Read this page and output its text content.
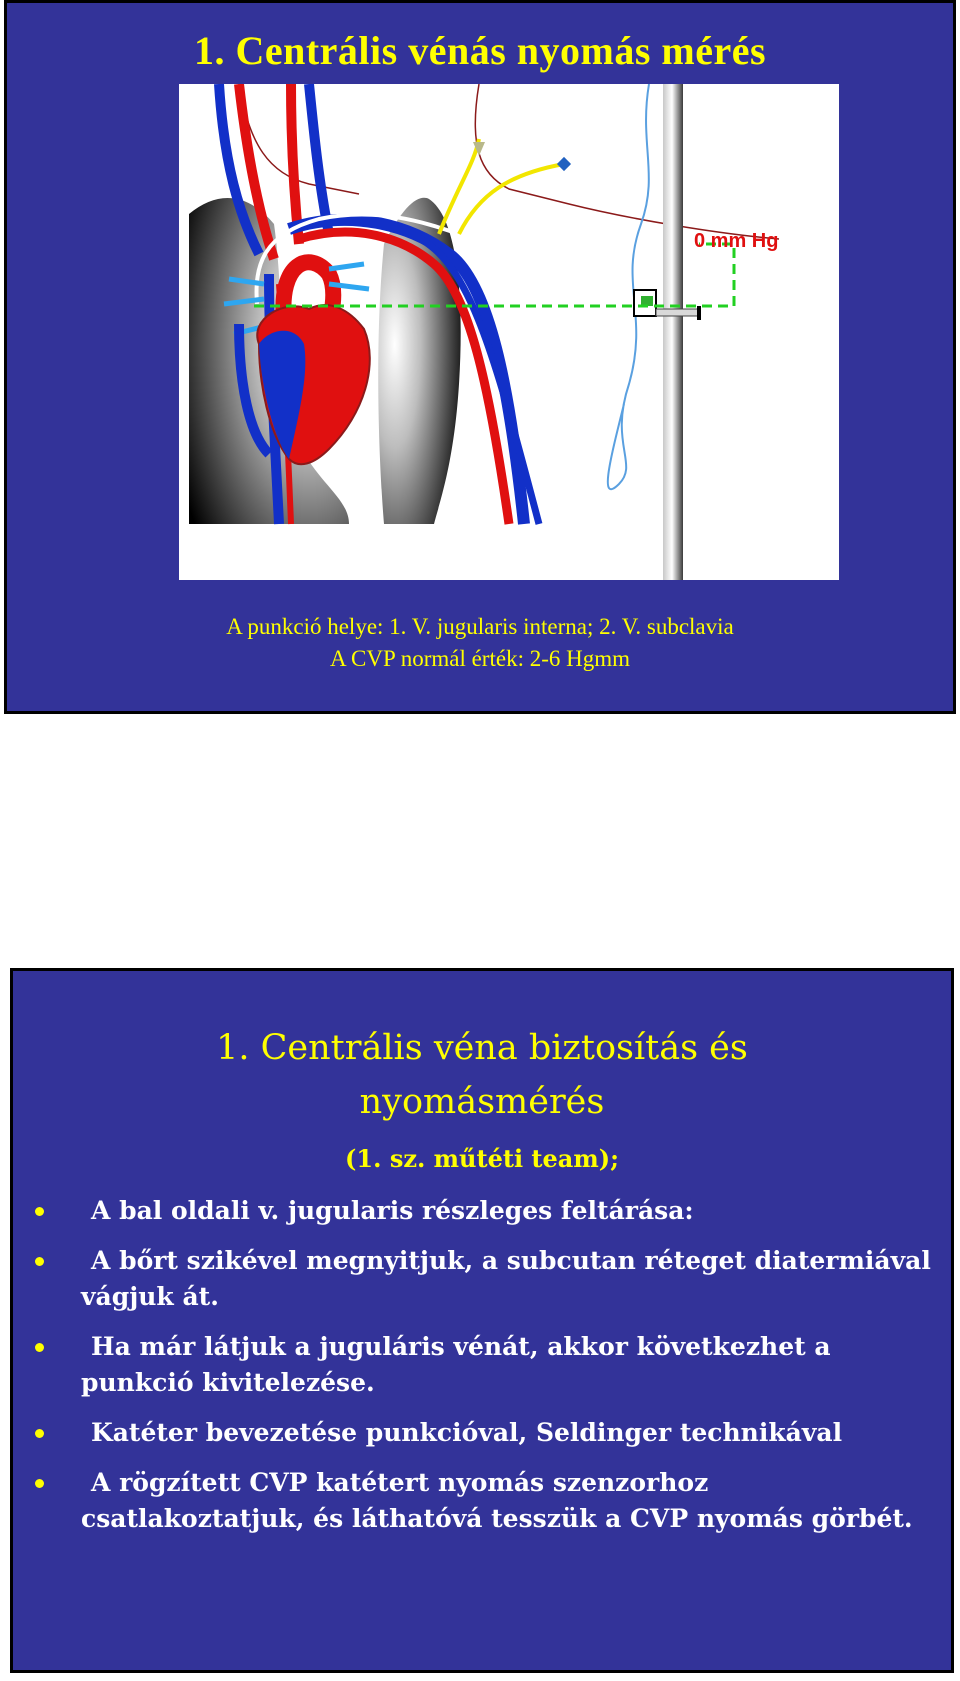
1. Centrális vénás nyomás mérés
0 mm Hg
A punkció helye: 1. V. jugularis interna; 2. V. subclavia
A CVP normál érték: 2-6 Hgmm
1. Centrális véna biztosítás és
nyomásmérés
(1. sz. műtéti team);
A bal oldali v. jugularis részleges feltárása:
A bőrt szikével megnyitjuk, a subcutan réteget diatermiával vágjuk át.
Ha már látjuk a juguláris vénát, akkor következhet a punkció kivitelezése.
Katéter bevezetése punkcióval, Seldinger technikával
A rögzített CVP katétert nyomás szenzorhoz csatlakoztatjuk, és láthatóvá tesszük a CVP nyomás görbét.
